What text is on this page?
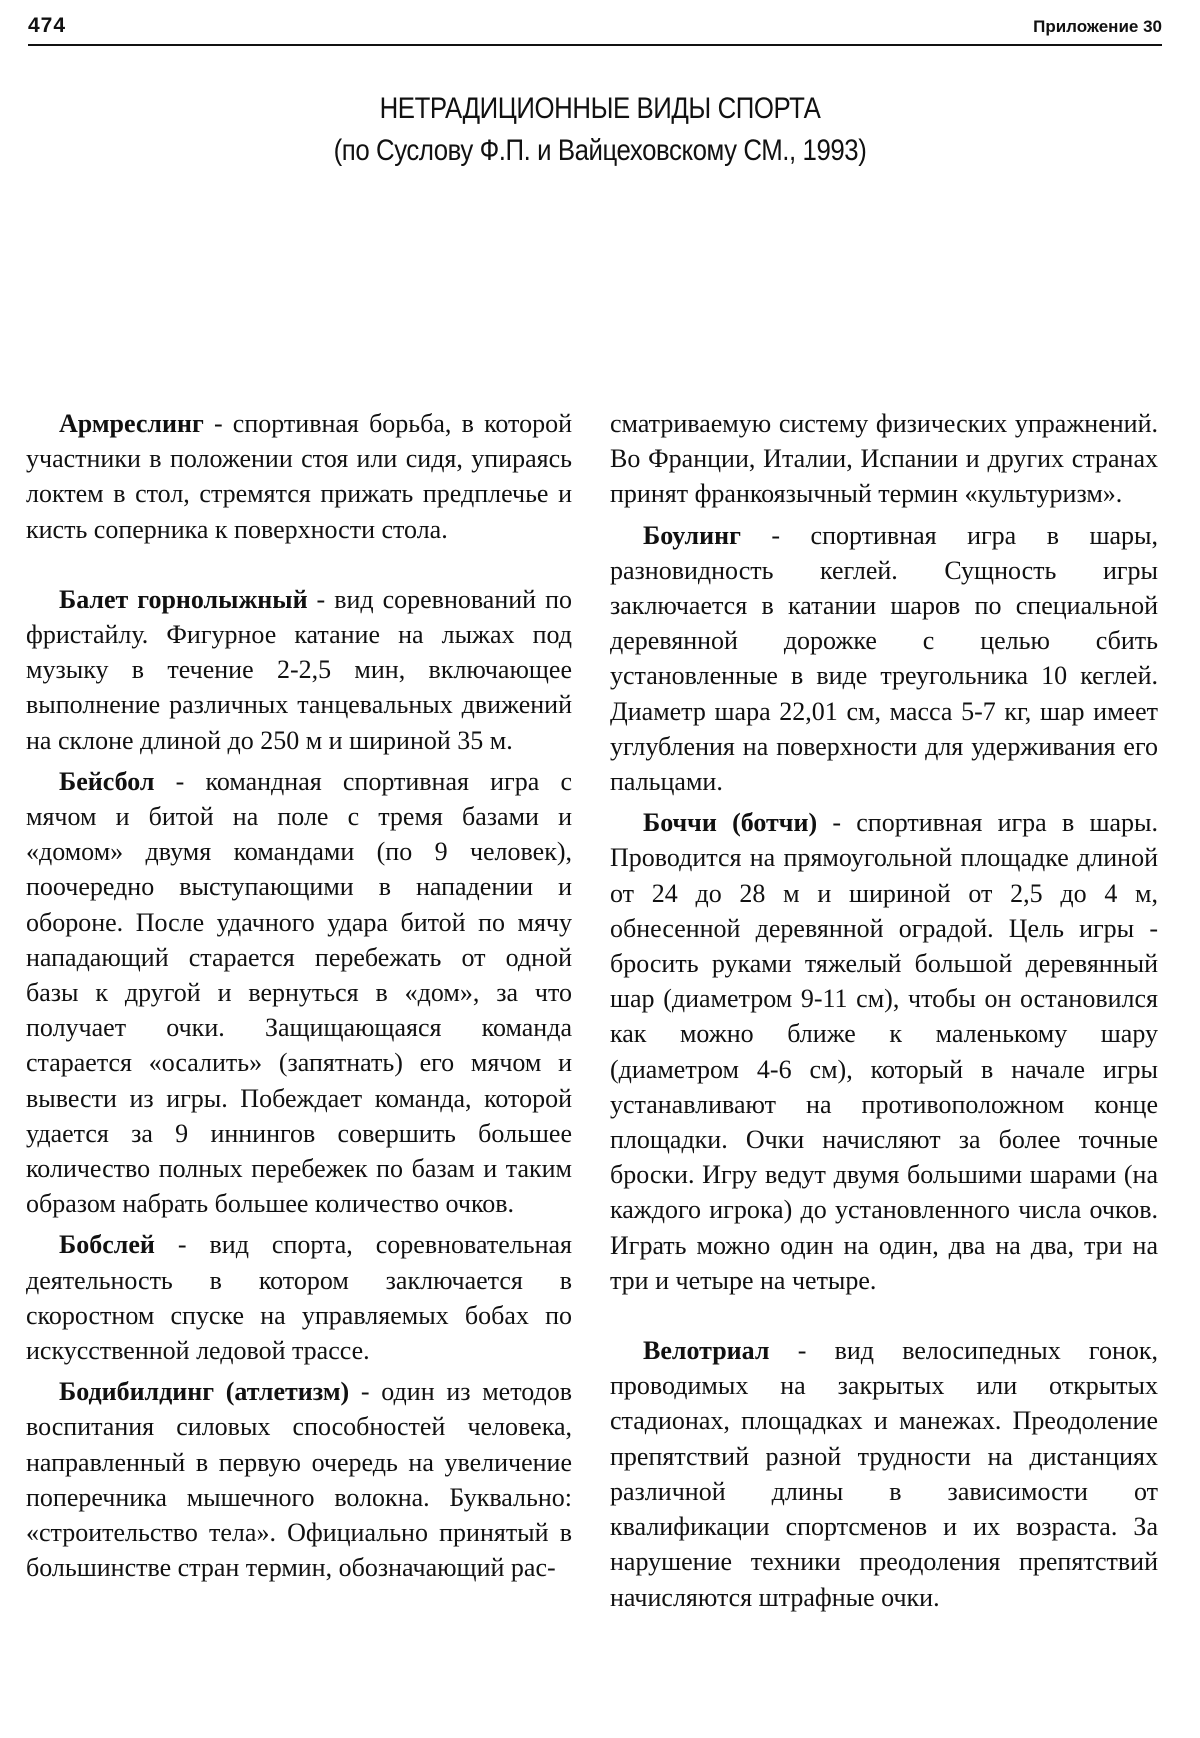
474	Приложение 30
НЕТРАДИЦИОННЫЕ ВИДЫ СПОРТА
(по Суслову Ф.П. и Вайцеховскому СМ., 1993)

Армреслинг - спортивная борьба, в которой участники в положении стоя или сидя, упираясь локтем в стол, стремятся прижать предплечье и кисть соперника к поверхности стола.

Балет горнолыжный - вид соревнований по фристайлу. Фигурное катание на лыжах под музыку в течение 2-2,5 мин, включающее выполнение различных танцевальных движений на склоне длиной до 250 м и шириной 35 м.

Бейсбол - командная спортивная игра с мячом и битой на поле с тремя базами и «домом» двумя командами (по 9 человек), поочередно выступающими в нападении и обороне. После удачного удара битой по мячу нападающий старается перебежать от одной базы к другой и вернуться в «дом», за что получает очки. Защищающаяся команда старается «осалить» (запятнать) его мячом и вывести из игры. Побеждает команда, которой удается за 9 иннингов совершить большее количество полных перебежек по базам и таким образом набрать большее количество очков.

Бобслей - вид спорта, соревновательная деятельность в котором заключается в скоростном спуске на управляемых бобах по искусственной ледовой трассе.

Бодибилдинг (атлетизм) - один из методов воспитания силовых способностей человека, направленный в первую очередь на увеличение поперечника мышечного волокна. Буквально: «строительство тела». Официально принятый в большинстве стран термин, обозначающий рас-

сматриваемую систему физических упражнений. Во Франции, Италии, Испании и других странах принят франкоязычный термин «культуризм».

Боулинг - спортивная игра в шары, разновидность кеглей. Сущность игры заключается в катании шаров по специальной деревянной дорожке с целью сбить установленные в виде треугольника 10 кеглей. Диаметр шара 22,01 см, масса 5-7 кг, шар имеет углубления на поверхности для удерживания его пальцами.

Боччи (ботчи) - спортивная игра в шары. Проводится на прямоугольной площадке длиной от 24 до 28 м и шириной от 2,5 до 4 м, обнесенной деревянной оградой. Цель игры - бросить руками тяжелый большой деревянный шар (диаметром 9-11 см), чтобы он остановился как можно ближе к маленькому шару (диаметром 4-6 см), который в начале игры устанавливают на противоположном конце площадки. Очки начисляют за более точные броски. Игру ведут двумя большими шарами (на каждого игрока) до установленного числа очков. Играть можно один на один, два на два, три на три и четыре на четыре.

Велотриал - вид велосипедных гонок, проводимых на закрытых или открытых стадионах, площадках и манежах. Преодоление препятствий разной трудности на дистанциях различной длины в зависимости от квалификации спортсменов и их возраста. За нарушение техники преодоления препятствий начисляются штрафные очки.
